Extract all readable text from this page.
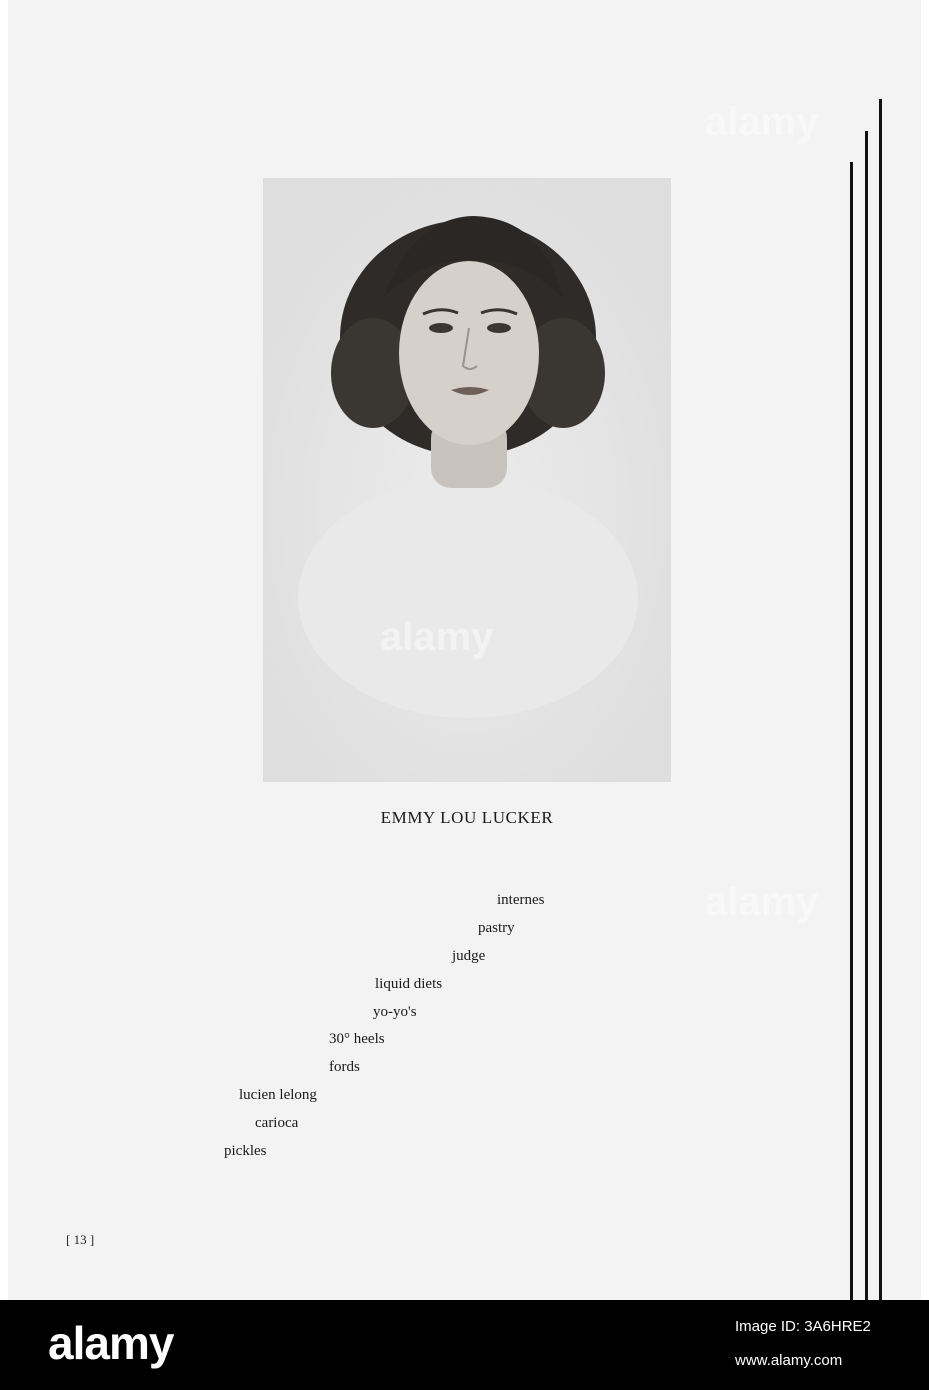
EMMY LOU LUCKER
internes
pastry
judge
liquid diets
yo-yo's
30° heels
fords
lucien lelong
carioca
pickles
[ 13 ]
alamy
alamy
alamy
alamy	Image ID: 3A6HRE2
www.alamy.com
